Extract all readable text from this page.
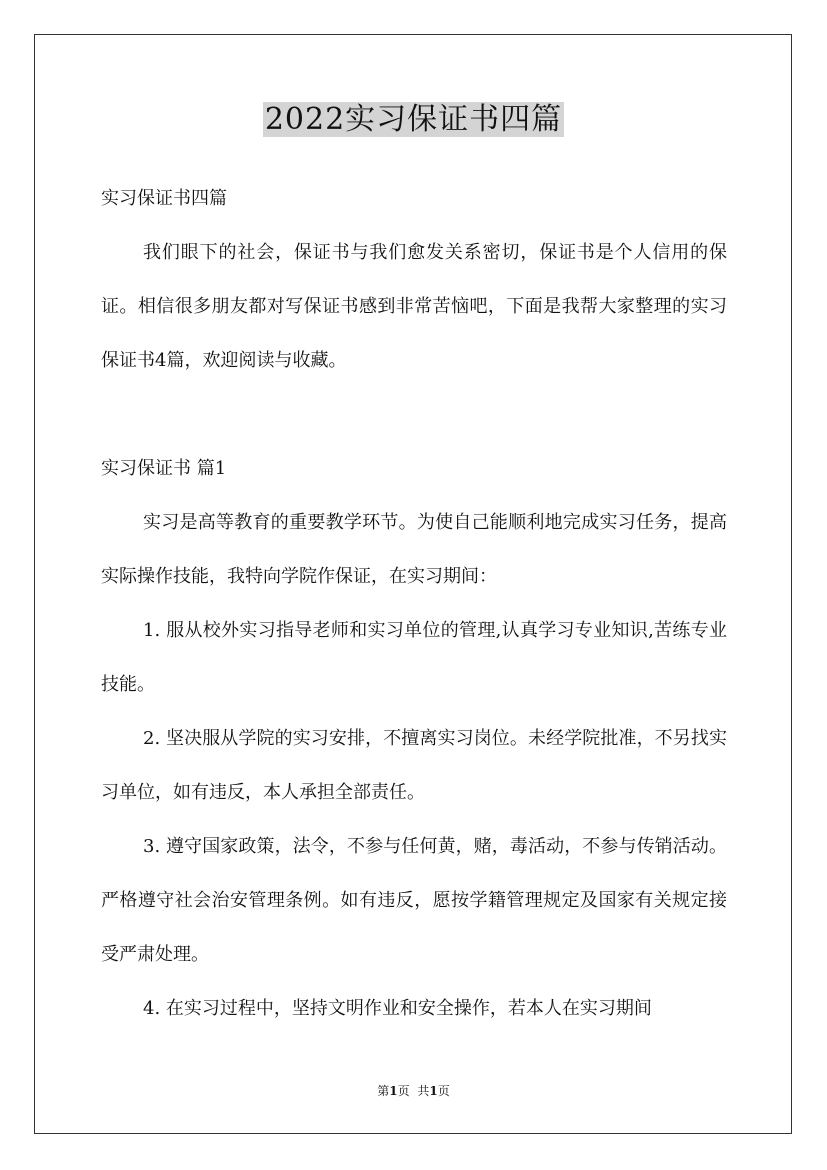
2022实习保证书四篇

实习保证书四篇

我们眼下的社会，保证书与我们愈发关系密切，保证书是个人信用的保证。相信很多朋友都对写保证书感到非常苦恼吧，下面是我帮大家整理的实习保证书4篇，欢迎阅读与收藏。

实习保证书 篇1

实习是高等教育的重要教学环节。为使自己能顺利地完成实习任务，提高实际操作技能，我特向学院作保证，在实习期间：

1. 服从校外实习指导老师和实习单位的管理,认真学习专业知识,苦练专业技能。

2. 坚决服从学院的实习安排，不擅离实习岗位。未经学院批准，不另找实习单位，如有违反，本人承担全部责任。

3. 遵守国家政策，法令，不参与任何黄，赌，毒活动，不参与传销活动。严格遵守社会治安管理条例。如有违反，愿按学籍管理规定及国家有关规定接受严肃处理。

4. 在实习过程中，坚持文明作业和安全操作，若本人在实习期间

第1页 共1页
